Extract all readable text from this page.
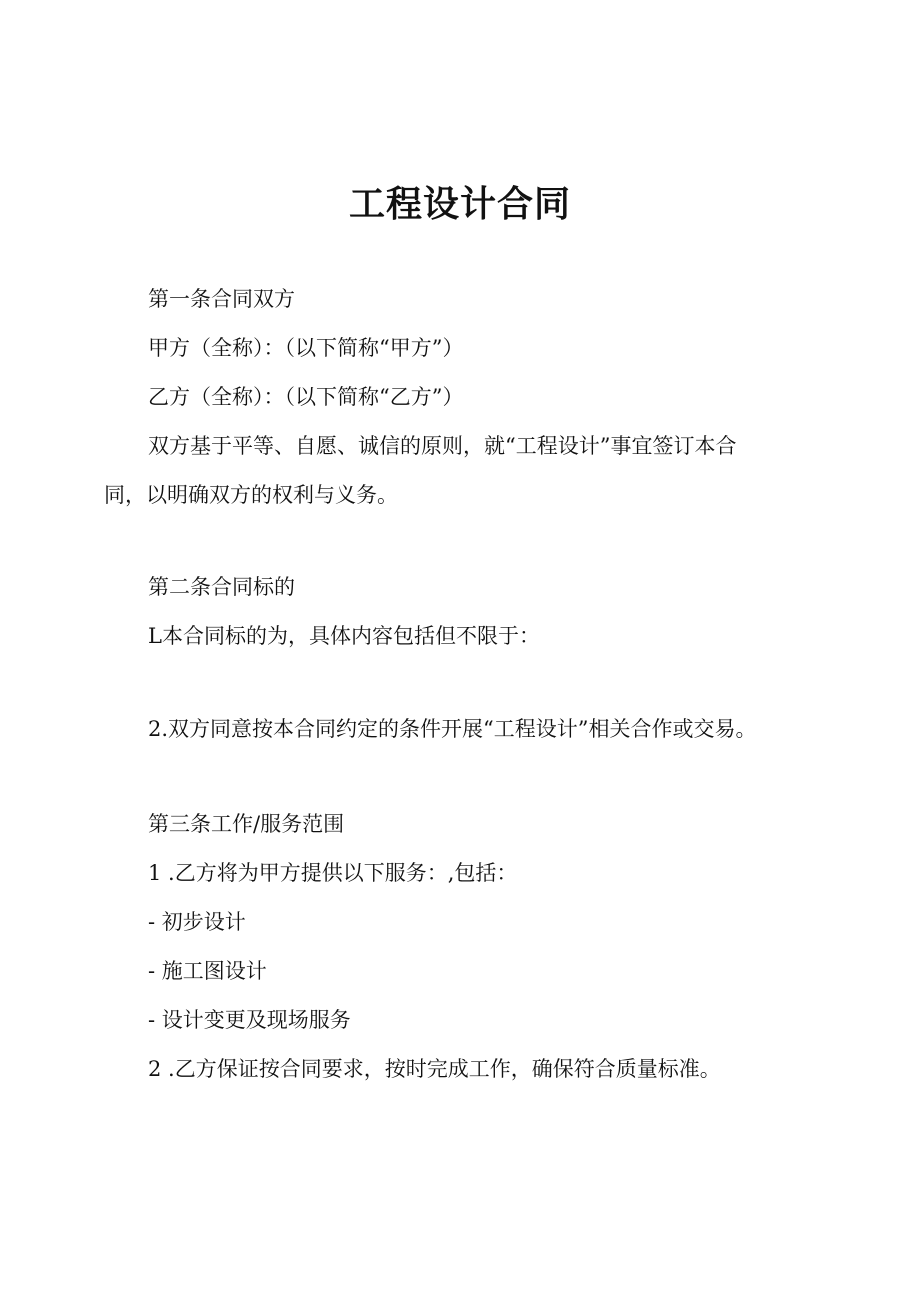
工程设计合同

第一条合同双方

甲方（全称）：（以下简称“甲方”）

乙方（全称）：（以下简称“乙方”）

双方基于平等、自愿、诚信的原则，就“工程设计”事宜签订本合

同，以明确双方的权利与义务。

第二条合同标的

L本合同标的为，具体内容包括但不限于：

2.双方同意按本合同约定的条件开展“工程设计”相关合作或交易。

第三条工作/服务范围

1 .乙方将为甲方提供以下服务：,包括：

- 初步设计

- 施工图设计

- 设计变更及现场服务

2 .乙方保证按合同要求，按时完成工作，确保符合质量标准。
